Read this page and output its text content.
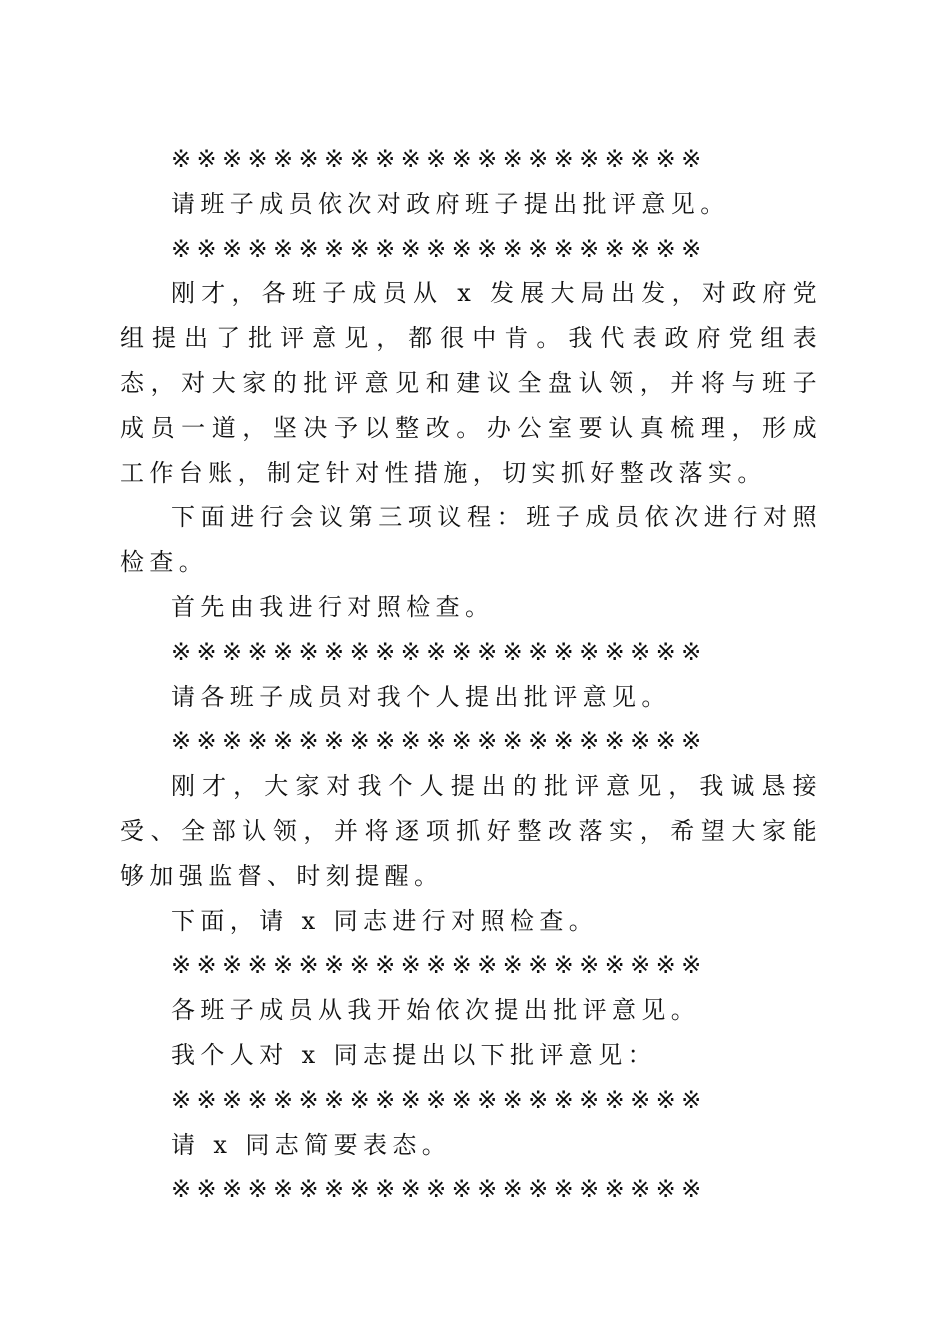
※※※※※※※※※※※※※※※※※※※※※

请班子成员依次对政府班子提出批评意见。

※※※※※※※※※※※※※※※※※※※※※

刚才，各班子成员从 x 发展大局出发，对政府党组提出了批评意见，都很中肯。我代表政府党组表态，对大家的批评意见和建议全盘认领，并将与班子成员一道，坚决予以整改。办公室要认真梳理，形成工作台账，制定针对性措施，切实抓好整改落实。

下面进行会议第三项议程：班子成员依次进行对照检查。

首先由我进行对照检查。

※※※※※※※※※※※※※※※※※※※※※

请各班子成员对我个人提出批评意见。

※※※※※※※※※※※※※※※※※※※※※

刚才，大家对我个人提出的批评意见，我诚恳接受、全部认领，并将逐项抓好整改落实，希望大家能够加强监督、时刻提醒。

下面，请 x 同志进行对照检查。

※※※※※※※※※※※※※※※※※※※※※

各班子成员从我开始依次提出批评意见。

我个人对 x 同志提出以下批评意见：

※※※※※※※※※※※※※※※※※※※※※

请 x 同志简要表态。

※※※※※※※※※※※※※※※※※※※※※
